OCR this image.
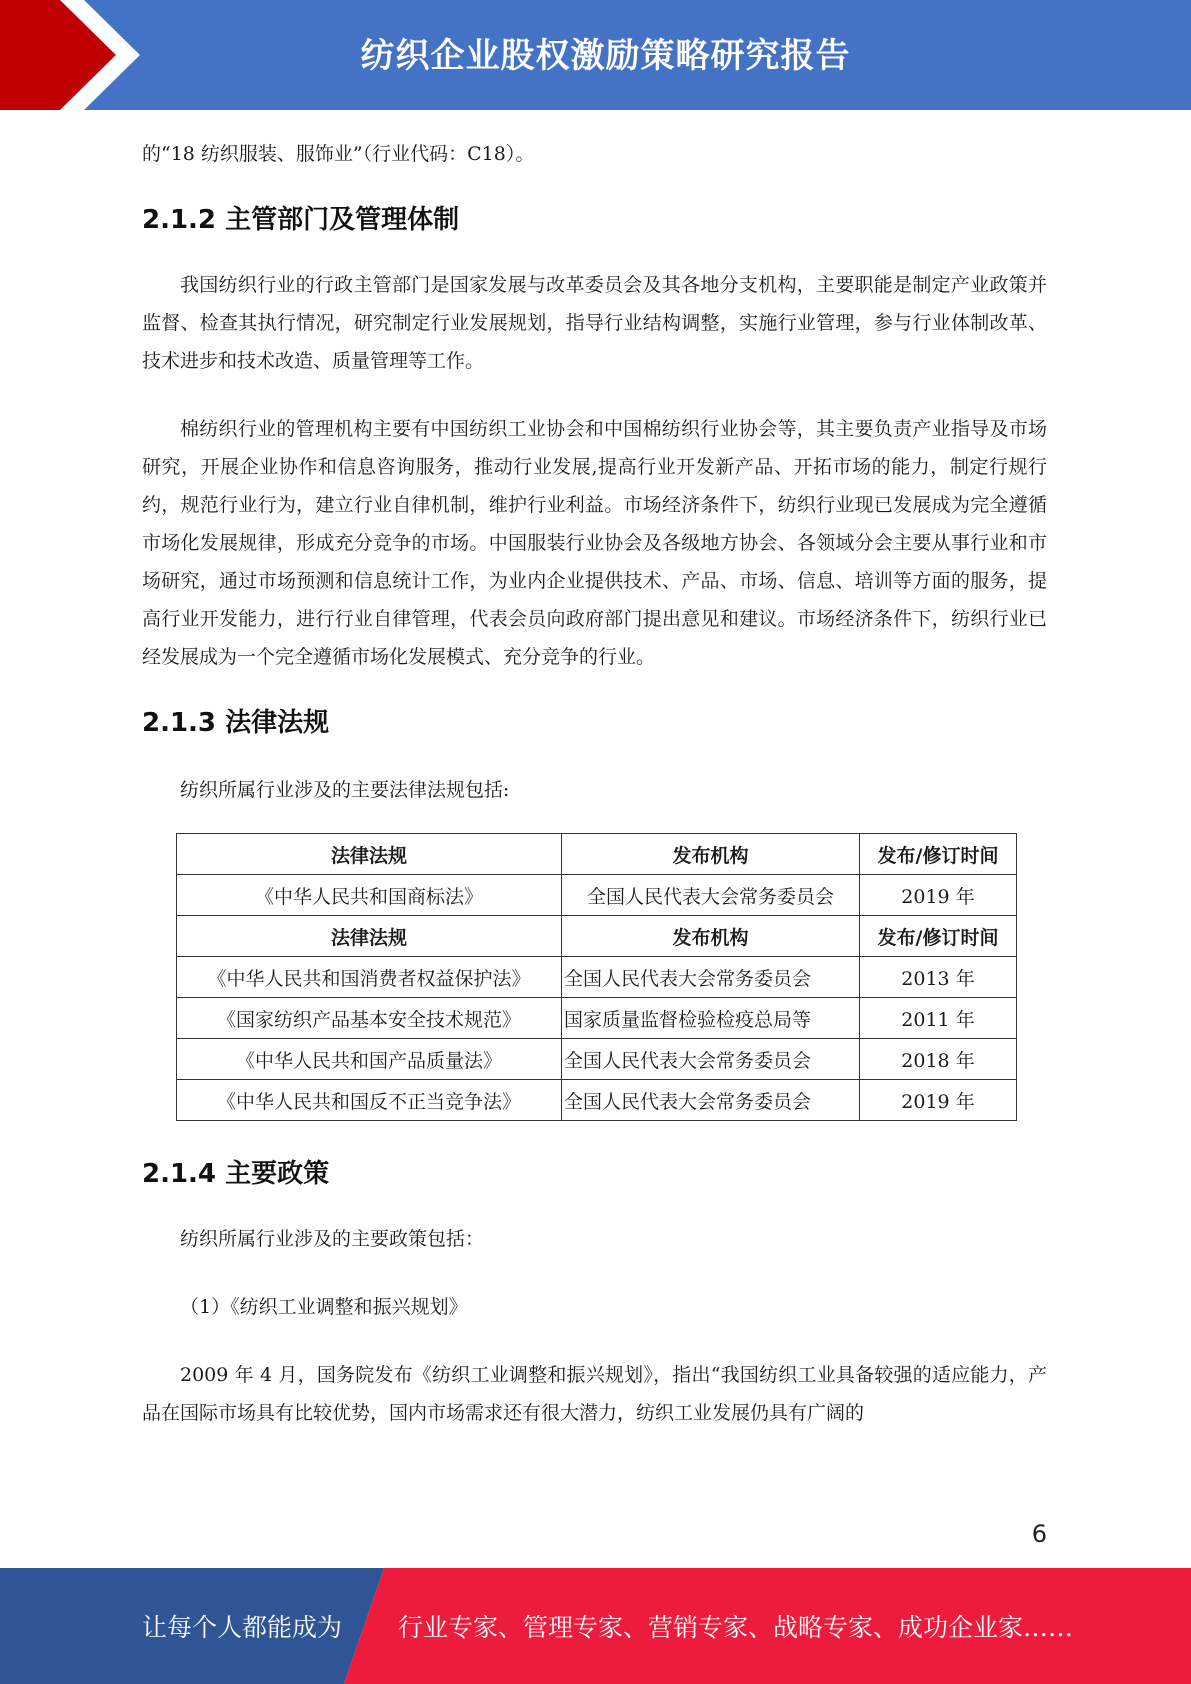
纺织企业股权激励策略研究报告

的“18 纺织服装、服饰业”（行业代码：C18）。

2.1.2 主管部门及管理体制

我国纺织行业的行政主管部门是国家发展与改革委员会及其各地分支机构，主要职能是制定产业政策并监督、检查其执行情况，研究制定行业发展规划，指导行业结构调整，实施行业管理，参与行业体制改革、技术进步和技术改造、质量管理等工作。

棉纺织行业的管理机构主要有中国纺织工业协会和中国棉纺织行业协会等，其主要负责产业指导及市场研究，开展企业协作和信息咨询服务，推动行业发展,提高行业开发新产品、开拓市场的能力，制定行规行约，规范行业行为，建立行业自律机制，维护行业利益。市场经济条件下，纺织行业现已发展成为完全遵循市场化发展规律，形成充分竞争的市场。中国服装行业协会及各级地方协会、各领域分会主要从事行业和市场研究，通过市场预测和信息统计工作，为业内企业提供技术、产品、市场、信息、培训等方面的服务，提高行业开发能力，进行行业自律管理，代表会员向政府部门提出意见和建议。市场经济条件下，纺织行业已经发展成为一个完全遵循市场化发展模式、充分竞争的行业。

2.1.3 法律法规

纺织所属行业涉及的主要法律法规包括:

法律法规	发布机构	发布/修订时间
《中华人民共和国商标法》	全国人民代表大会常务委员会	2019 年
法律法规	发布机构	发布/修订时间
《中华人民共和国消费者权益保护法》	全国人民代表大会常务委员会	2013 年
《国家纺织产品基本安全技术规范》	国家质量监督检验检疫总局等	2011 年
《中华人民共和国产品质量法》	全国人民代表大会常务委员会	2018 年
《中华人民共和国反不正当竞争法》	全国人民代表大会常务委员会	2019 年
2.1.4 主要政策

纺织所属行业涉及的主要政策包括：

（1）《纺织工业调整和振兴规划》

2009 年 4 月，国务院发布《纺织工业调整和振兴规划》，指出“我国纺织工业具备较强的适应能力，产品在国际市场具有比较优势，国内市场需求还有很大潜力，纺织工业发展仍具有广阔的

6
让每个人都能成为 行业专家、管理专家、营销专家、战略专家、成功企业家……
